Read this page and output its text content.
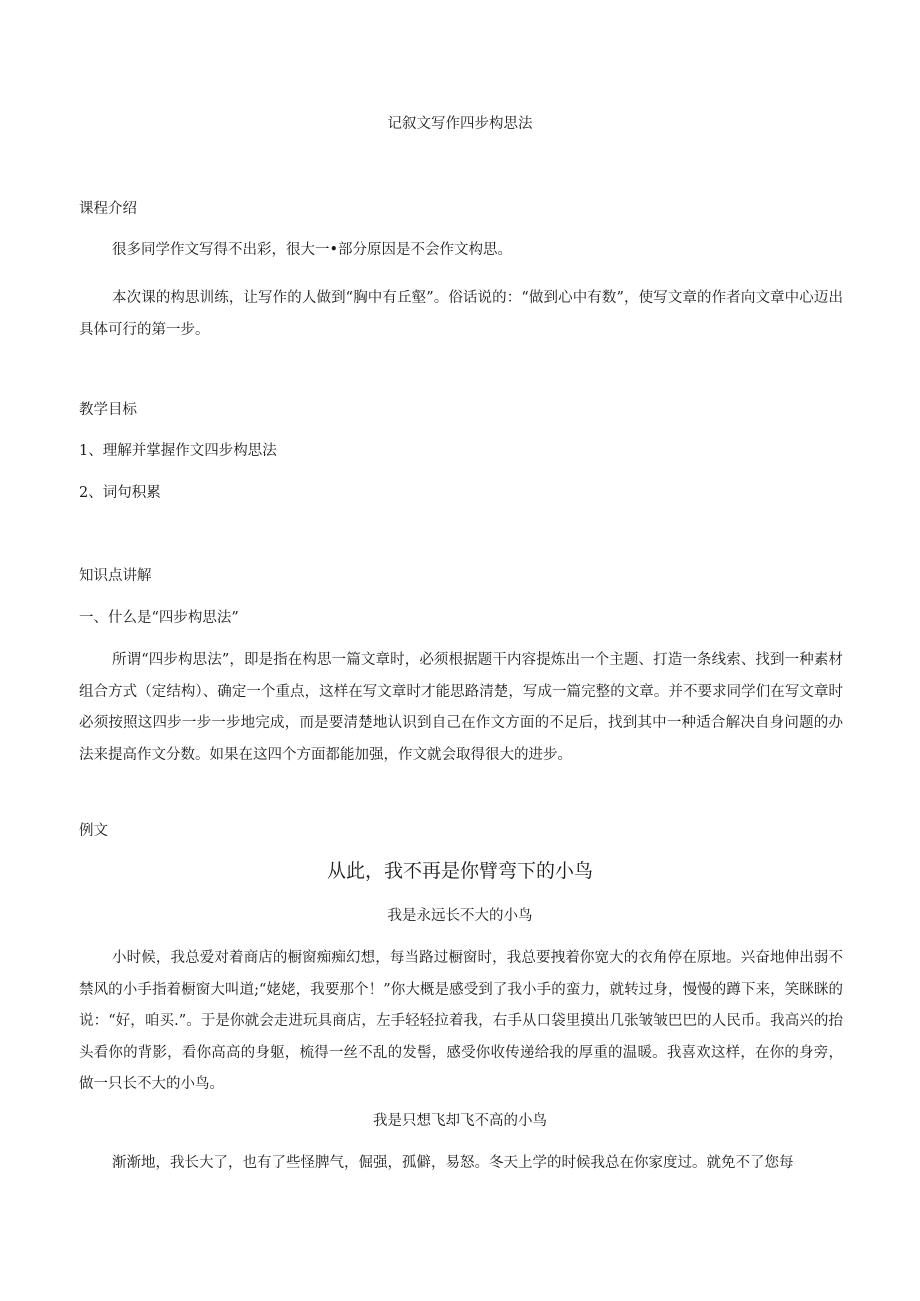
记叙文写作四步构思法
课程介绍
很多同学作文写得不出彩，很大一•部分原因是不会作文构思。
本次课的构思训练，让写作的人做到“胸中有丘壑”。俗话说的：“做到心中有数”，使写文章的作者向文章中心迈出具体可行的第一步。
教学目标
1、理解并掌握作文四步构思法
2、词句积累
知识点讲解
一、什么是“四步构思法”
所谓“四步构思法”，即是指在构思一篇文章时，必须根据题干内容提炼出一个主题、打造一条线索、找到一种素材组合方式（定结构）、确定一个重点，这样在写文章时才能思路清楚，写成一篇完整的文章。并不要求同学们在写文章时必须按照这四步一步一步地完成，而是要清楚地认识到自己在作文方面的不足后，找到其中一种适合解决自身问题的办法来提高作文分数。如果在这四个方面都能加强，作文就会取得很大的进步。
例文
从此，我不再是你臂弯下的小鸟
我是永远长不大的小鸟
小时候，我总爱对着商店的橱窗痴痴幻想，每当路过橱窗时，我总要拽着你宽大的衣角停在原地。兴奋地伸出弱不禁风的小手指着橱窗大叫道;“姥姥，我要那个！”你大概是感受到了我小手的蛮力，就转过身，慢慢的蹲下来，笑眯眯的说：“好，咱买.”。于是你就会走进玩具商店，左手轻轻拉着我，右手从口袋里摸出几张皱皱巴巴的人民币。我高兴的抬头看你的背影，看你高高的身躯，梳得一丝不乱的发髻，感受你收传递给我的厚重的温暖。我喜欢这样，在你的身旁，做一只长不大的小鸟。
我是只想飞却飞不高的小鸟
渐渐地，我长大了，也有了些怪脾气，倔强，孤僻，易怒。冬天上学的时候我总在你家度过。就免不了您每
